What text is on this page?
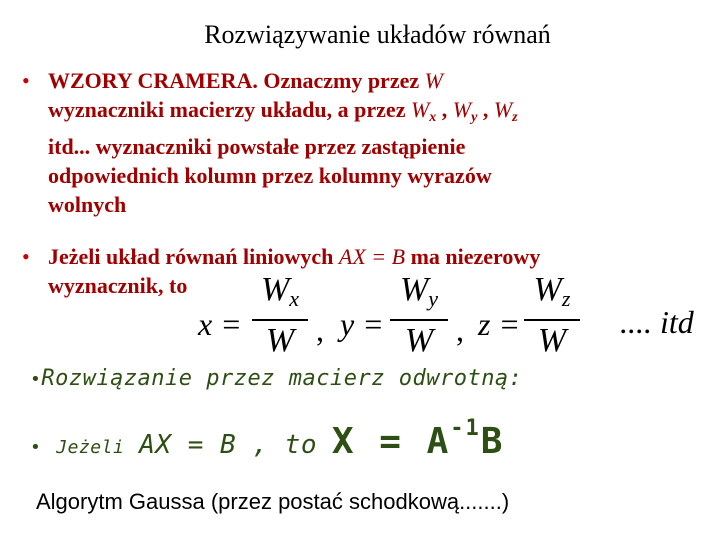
Rozwiązywanie układów równań
• WZORY CRAMERA. Oznaczmy przez W
wyznaczniki macierzy układu, a przez $W_x$ , $W_y$ , $W_z$
itd... wyznaczniki powstałe przez zastąpienie
odpowiednich kolumn przez kolumny wyrazów
wolnych
• Jeżeli układ równań liniowych AX = B ma niezerowy
wyznacznik, to
x =
$W_x$
W , y =
$W_y$
W , z =
$W_z$
W	.... itd
•Rozwiązanie przez macierz odwrotną:
• Jeżeli AX = B , to $X = A^{-1}B$
Algorytm Gaussa (przez postać schodkową.......)
